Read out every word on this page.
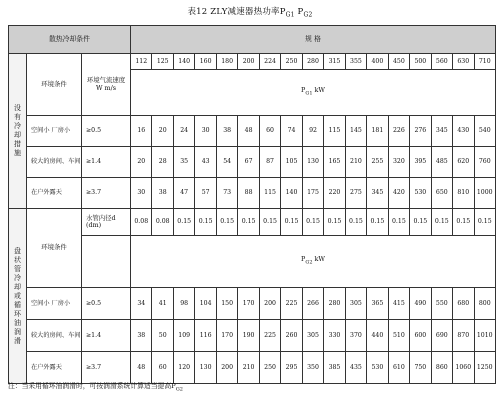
表12 ZLY减速器热功率$P_{G1}$ $P_{G2}$
散热冷却条件			规 格																
没有冷却措施	环境条件	环境气流速度
W m/s	112	125	140	160	180	200	224	250	280	315	355	400	450	500	560	630	710
			$P_{G1}$ kW																
	空间小 厂房小	≥0.5	16	20	24	30	38	48	60	74	92	115	145	181	226	276	345	430	540
	较大的房间、车间	≥1.4	20	28	35	43	54	67	87	105	130	165	210	255	320	395	485	620	760
	在户外露天	≥3.7	30	38	47	57	73	88	115	140	175	220	275	345	420	530	650	810	1000
盘状管冷却或循环油润滑	环境条件	水管内径d (dm)	0.08	0.08	0.15	0.15	0.15	0.15	0.15	0.15	0.15	0.15	0.15	0.15	0.15	0.15	0.15	0.15	0.15
			$P_{G2}$ kW																
	空间小 厂房小	≥0.5	34	41	98	104	150	170	200	225	266	280	305	365	415	490	550	680	800
	较大的房间、车间	≥1.4	38	50	109	116	170	190	225	260	305	330	370	440	510	600	690	870	1010
	在户外露天	≥3.7	48	60	120	130	200	210	250	295	350	385	435	530	610	750	860	1060	1250
注：当采用循环油润滑时，可按润滑系统计算适当提高$P_{G2}$
